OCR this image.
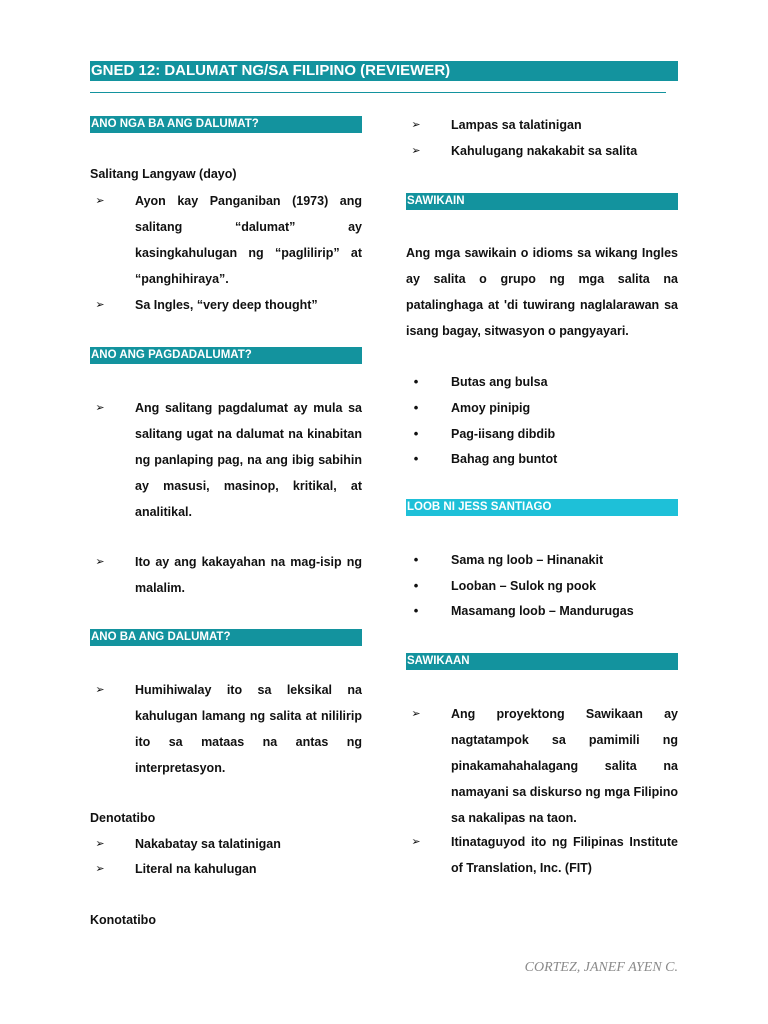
GNED 12: DALUMAT NG/SA FILIPINO (REVIEWER)
ANO NGA BA ANG DALUMAT?
Salitang Langyaw (dayo)
➢	Ayon kay Panganiban (1973) ang salitang “dalumat” ay kasingkahulugan ng “paglilirip” at “panghihiraya”.

➢	Sa Ingles, “very deep thought”

ANO ANG PAGDADALUMAT?
➢	Ang salitang pagdalumat ay mula sa salitang ugat na dalumat na kinabitan ng panlaping pag, na ang ibig sabihin ay masusi, masinop, kritikal, at analitikal.

➢	Ito ay ang kakayahan na mag-isip ng malalim.

ANO BA ANG DALUMAT?
➢	Humihiwalay ito sa leksikal na kahulugan lamang ng salita at nililirip ito sa mataas na antas ng interpretasyon.

Denotatibo
➢	Nakabatay sa talatinigan

➢	Literal na kahulugan

Konotatibo
➢	Lampas sa talatinigan

➢	Kahulugang nakakabit sa salita

SAWIKAIN

Ang mga sawikain o idioms sa wikang Ingles ay salita o grupo ng mga salita na patalinghaga at 'di tuwirang naglalarawan sa isang bagay, sitwasyon o pangyayari.

•	Butas ang bulsa

•	Amoy pinipig

•	Pag-iisang dibdib

•	Bahag ang buntot

LOOB NI JESS SANTIAGO
•	Sama ng loob – Hinanakit

•	Looban – Sulok ng pook

•	Masamang loob – Mandurugas

SAWIKAAN
➢	Ang proyektong Sawikaan ay nagtatampok sa pamimili ng pinakamahahalagang salita na namayani sa diskurso ng mga Filipino sa nakalipas na taon.

➢	Itinataguyod ito ng Filipinas Institute of Translation, Inc. (FIT)

CORTEZ, JANEF AYEN C.
